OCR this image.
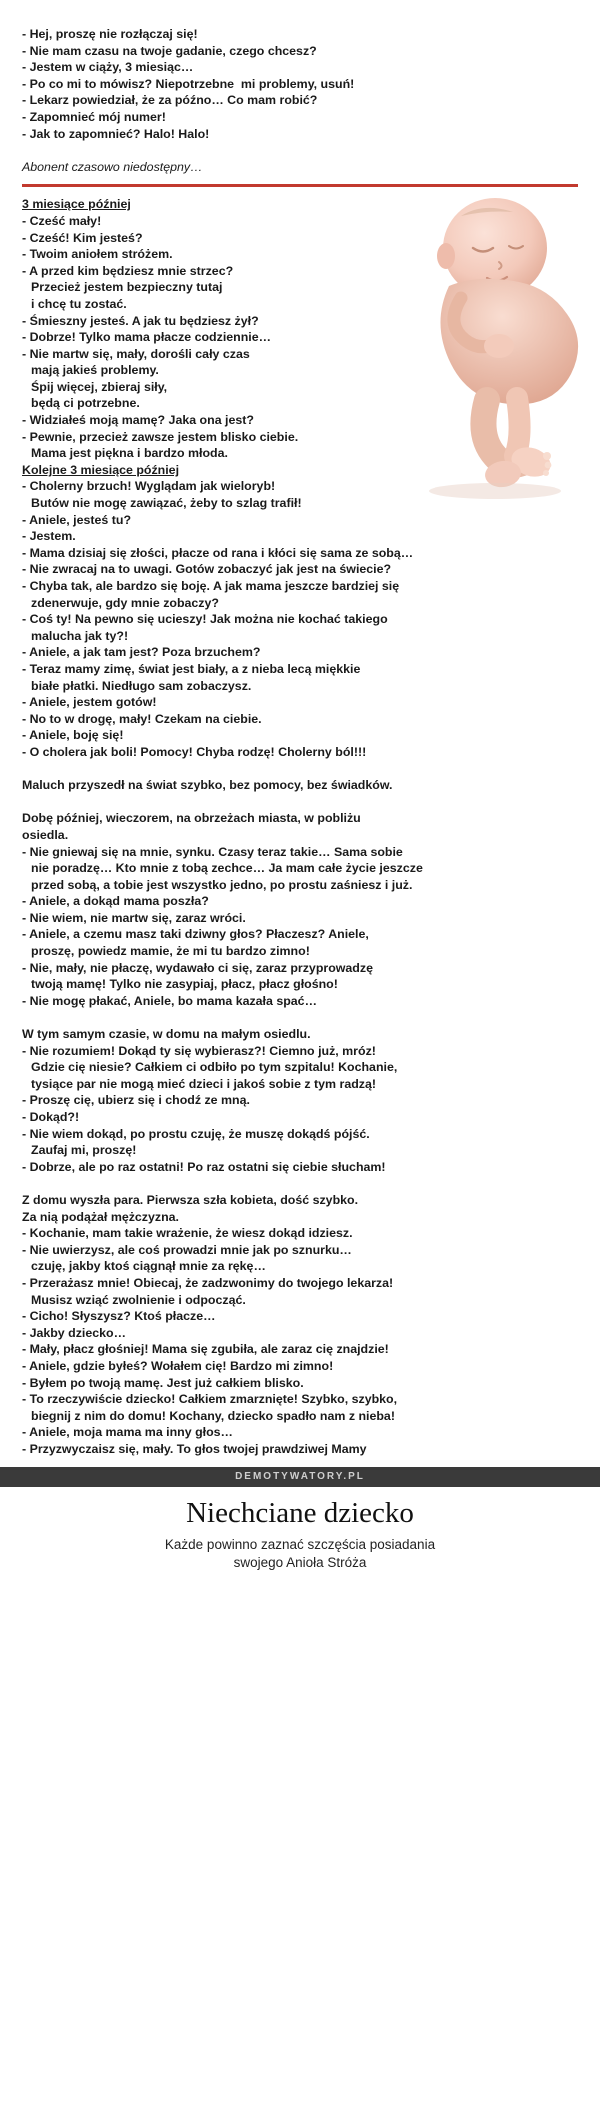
- Hej, proszę nie rozłączaj się!
- Nie mam czasu na twoje gadanie, czego chcesz?
- Jestem w ciąży, 3 miesiąc…
- Po co mi to mówisz? Niepotrzebne  mi problemy, usuń!
- Lekarz powiedział, że za późno… Co mam robić?
- Zapomnieć mój numer!
- Jak to zapomnieć? Halo! Halo!
Abonent czasowo niedostępny…
3 miesiące później
- Cześć mały!
- Cześć! Kim jesteś?
- Twoim aniołem stróżem.
- A przed kim będziesz mnie strzec?
Przecież jestem bezpieczny tutaj
i chcę tu zostać.
- Śmieszny jesteś. A jak tu będziesz żył?
- Dobrze! Tylko mama płacze codziennie…
- Nie martw się, mały, dorośli cały czas
mają jakieś problemy.
Śpij więcej, zbieraj siły,
będą ci potrzebne.
- Widziałeś moją mamę? Jaka ona jest?
- Pewnie, przecież zawsze jestem blisko ciebie.
Mama jest piękna i bardzo młoda.
Kolejne 3 miesiące później
- Cholerny brzuch! Wyglądam jak wieloryb!
Butów nie mogę zawiązać, żeby to szlag trafił!
- Aniele, jesteś tu?
- Jestem.
- Mama dzisiaj się złości, płacze od rana i kłóci się sama ze sobą…
- Nie zwracaj na to uwagi. Gotów zobaczyć jak jest na świecie?
- Chyba tak, ale bardzo się boję. A jak mama jeszcze bardziej się
zdenerwuje, gdy mnie zobaczy?
- Coś ty! Na pewno się ucieszy! Jak można nie kochać takiego
malucha jak ty?!
- Aniele, a jak tam jest? Poza brzuchem?
- Teraz mamy zimę, świat jest biały, a z nieba lecą miękkie
białe płatki. Niedługo sam zobaczysz.
- Aniele, jestem gotów!
- No to w drogę, mały! Czekam na ciebie.
- Aniele, boję się!
- O cholera jak boli! Pomocy! Chyba rodzę! Cholerny ból!!!
Maluch przyszedł na świat szybko, bez pomocy, bez świadków.
Dobę później, wieczorem, na obrzeżach miasta, w pobliżu
osiedla.
- Nie gniewaj się na mnie, synku. Czasy teraz takie… Sama sobie
nie poradzę… Kto mnie z tobą zechce… Ja mam całe życie jeszcze
przed sobą, a tobie jest wszystko jedno, po prostu zaśniesz i już.
- Aniele, a dokąd mama poszła?
- Nie wiem, nie martw się, zaraz wróci.
- Aniele, a czemu masz taki dziwny głos? Płaczesz? Aniele,
proszę, powiedz mamie, że mi tu bardzo zimno!
- Nie, mały, nie płaczę, wydawało ci się, zaraz przyprowadzę
twoją mamę! Tylko nie zasypiaj, płacz, płacz głośno!
- Nie mogę płakać, Aniele, bo mama kazała spać…
W tym samym czasie, w domu na małym osiedlu.
- Nie rozumiem! Dokąd ty się wybierasz?! Ciemno już, mróz!
Gdzie cię niesie? Całkiem ci odbiło po tym szpitalu! Kochanie,
tysiące par nie mogą mieć dzieci i jakoś sobie z tym radzą!
- Proszę cię, ubierz się i chodź ze mną.
- Dokąd?!
- Nie wiem dokąd, po prostu czuję, że muszę dokądś pójść.
Zaufaj mi, proszę!
- Dobrze, ale po raz ostatni! Po raz ostatni się ciebie słucham!
Z domu wyszła para. Pierwsza szła kobieta, dość szybko.
Za nią podążał mężczyzna.
- Kochanie, mam takie wrażenie, że wiesz dokąd idziesz.
- Nie uwierzysz, ale coś prowadzi mnie jak po sznurku…
czuję, jakby ktoś ciągnął mnie za rękę…
- Przerażasz mnie! Obiecaj, że zadzwonimy do twojego lekarza!
Musisz wziąć zwolnienie i odpocząć.
- Cicho! Słyszysz? Ktoś płacze…
- Jakby dziecko…
- Mały, płacz głośniej! Mama się zgubiła, ale zaraz cię znajdzie!
- Aniele, gdzie byłeś? Wołałem cię! Bardzo mi zimno!
- Byłem po twoją mamę. Jest już całkiem blisko.
- To rzeczywiście dziecko! Całkiem zmarznięte! Szybko, szybko,
biegnij z nim do domu! Kochany, dziecko spadło nam z nieba!
- Aniele, moja mama ma inny głos…
- Przyzwyczaisz się, mały. To głos twojej prawdziwej Mamy
DEMOTYWATORY.PL
Niechciane dziecko
Każde powinno zaznać szczęścia posiadania
swojego Anioła Stróża
